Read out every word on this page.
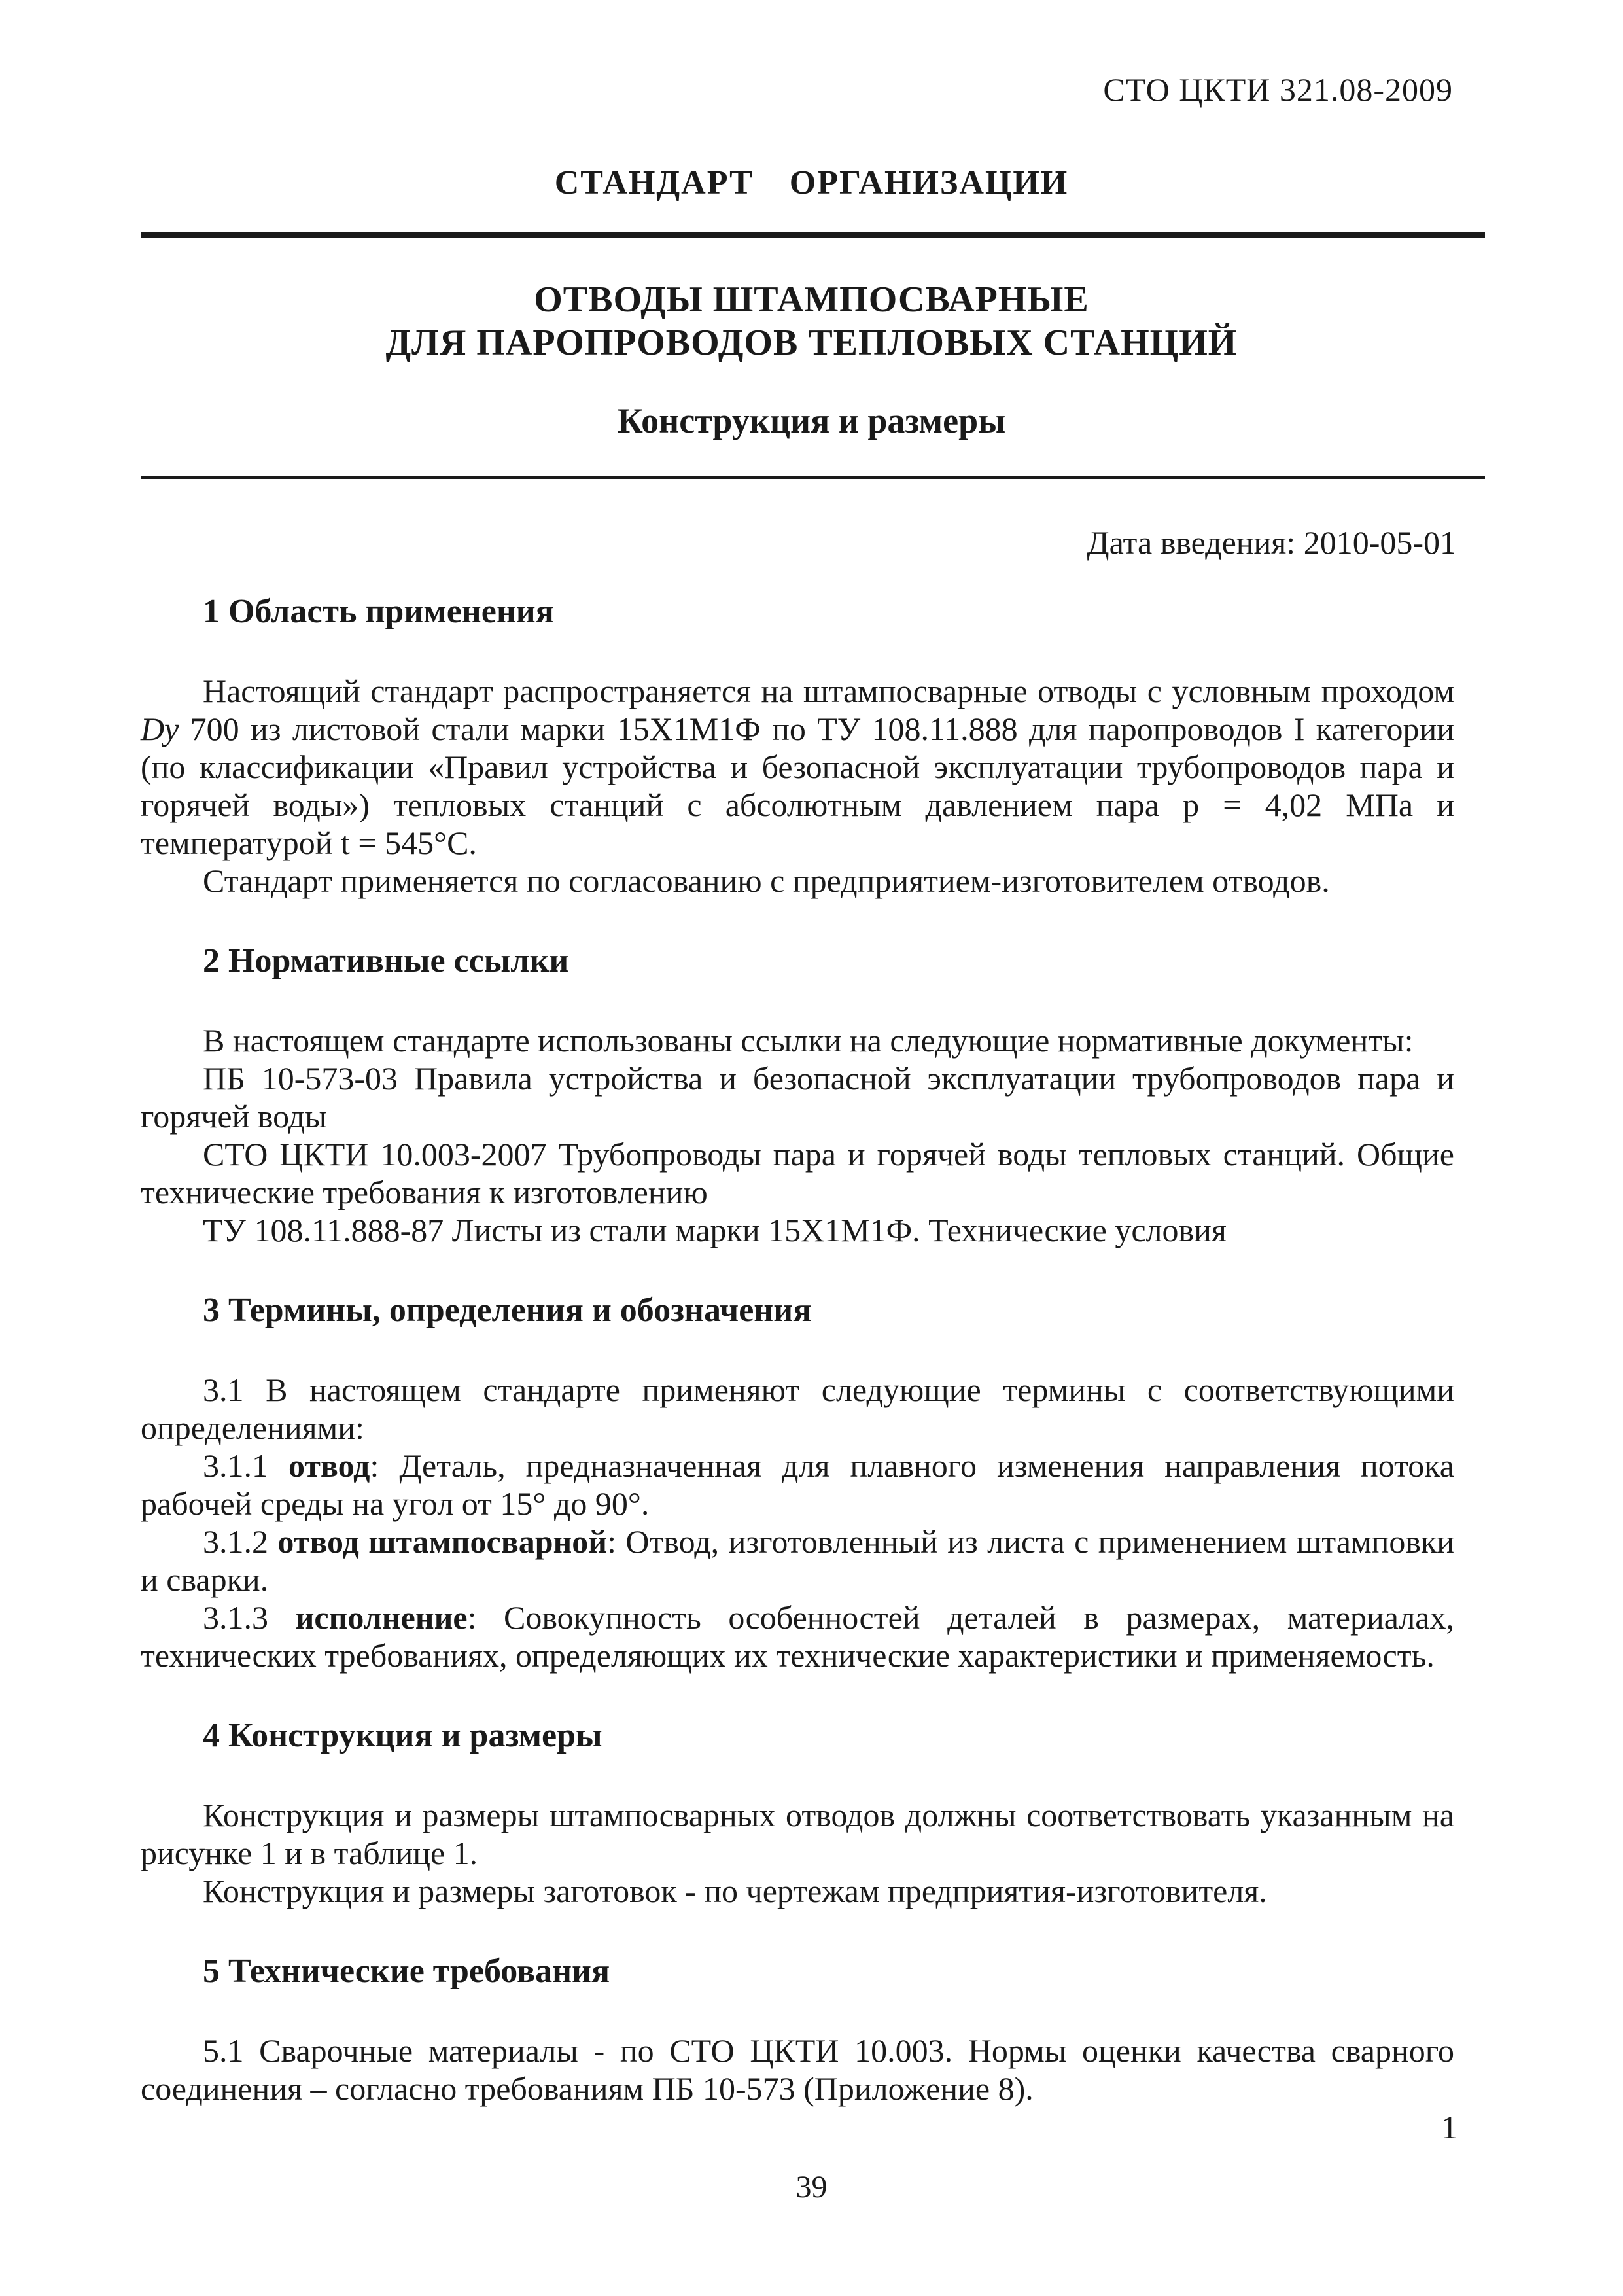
СТО ЦКТИ 321.08-2009
СТАНДАРТ ОРГАНИЗАЦИИ
ОТВОДЫ ШТАМПОСВАРНЫЕ
ДЛЯ ПАРОПРОВОДОВ ТЕПЛОВЫХ СТАНЦИЙ
Конструкция и размеры
Дата введения: 2010-05-01
1 Область применения

Настоящий стандарт распространяется на штампосварные отводы с условным проходом Dy 700 из листовой стали марки 15Х1М1Ф по ТУ 108.11.888 для паропроводов I категории (по классификации «Правил устройства и безопасной эксплуатации трубопроводов пара и горячей воды») тепловых станций с абсолютным давлением пара p = 4,02 МПа и температурой t = 545°С.

Стандарт применяется по согласованию с предприятием-изготовителем отводов.

2 Нормативные ссылки

В настоящем стандарте использованы ссылки на следующие нормативные документы:

ПБ 10-573-03 Правила устройства и безопасной эксплуатации трубопроводов пара и горячей воды

СТО ЦКТИ 10.003-2007 Трубопроводы пара и горячей воды тепловых станций. Общие технические требования к изготовлению

ТУ 108.11.888-87 Листы из стали марки 15Х1М1Ф. Технические условия

3 Термины, определения и обозначения

3.1 В настоящем стандарте применяют следующие термины с соответствующими определениями:

3.1.1 отвод: Деталь, предназначенная для плавного изменения направления потока рабочей среды на угол от 15° до 90°.

3.1.2 отвод штампосварной: Отвод, изготовленный из листа с применением штамповки и сварки.

3.1.3 исполнение: Совокупность особенностей деталей в размерах, материалах, технических требованиях, определяющих их технические характеристики и применяемость.

4 Конструкция и размеры

Конструкция и размеры штампосварных отводов должны соответствовать указанным на рисунке 1 и в таблице 1.

Конструкция и размеры заготовок - по чертежам предприятия-изготовителя.

5 Технические требования

5.1 Сварочные материалы - по СТО ЦКТИ 10.003. Нормы оценки качества сварного соединения – согласно требованиям ПБ 10-573 (Приложение 8).

1
39
